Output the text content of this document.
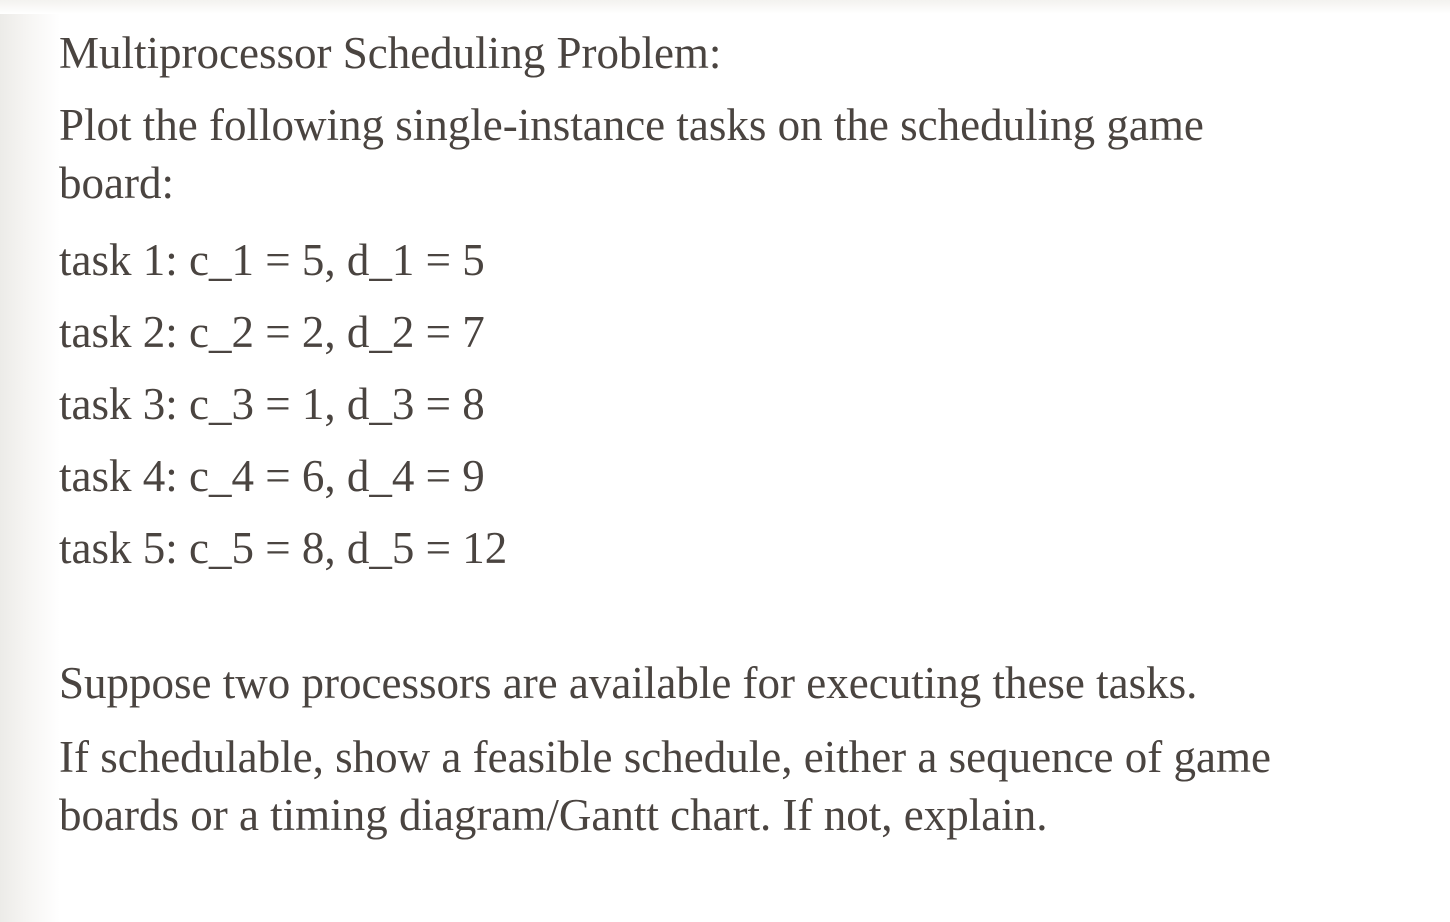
Multiprocessor Scheduling Problem:
Plot the following single-instance tasks on the scheduling game
board:
task 1: c_1 = 5, d_1 = 5
task 2: c_2 = 2, d_2 = 7
task 3: c_3 = 1, d_3 = 8
task 4: c_4 = 6, d_4 = 9
task 5: c_5 = 8, d_5 = 12
Suppose two processors are available for executing these tasks.
If schedulable, show a feasible schedule, either a sequence of game
boards or a timing diagram/Gantt chart. If not, explain.
